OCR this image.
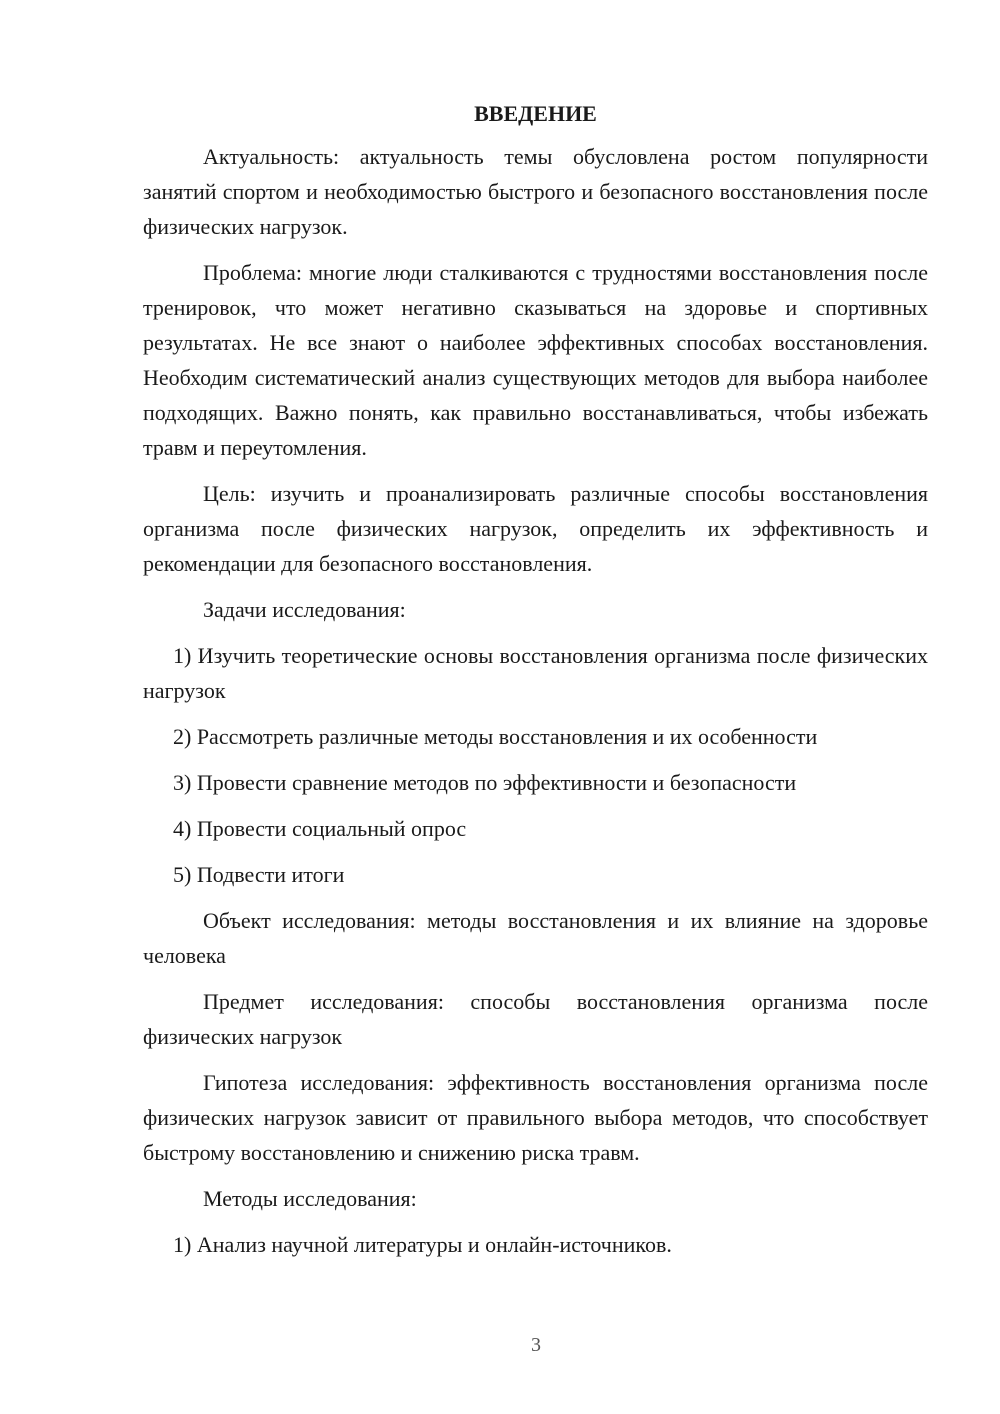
ВВЕДЕНИЕ

Актуальность: актуальность темы обусловлена ростом популярности занятий спортом и необходимостью быстрого и безопасного восстановления после физических нагрузок.

Проблема: многие люди сталкиваются с трудностями восстановления после тренировок, что может негативно сказываться на здоровье и спортивных результатах. Не все знают о наиболее эффективных способах восстановления. Необходим систематический анализ существующих методов для выбора наиболее подходящих. Важно понять, как правильно восстанавливаться, чтобы избежать травм и переутомления.

Цель: изучить и проанализировать различные способы восстановления организма после физических нагрузок, определить их эффективность и рекомендации для безопасного восстановления.

Задачи исследования:

1) Изучить теоретические основы восстановления организма после физических нагрузок

2) Рассмотреть различные методы восстановления и их особенности

3) Провести сравнение методов по эффективности и безопасности

4) Провести социальный опрос

5) Подвести итоги

Объект исследования: методы восстановления и их влияние на здоровье человека

Предмет исследования: способы восстановления организма после физических нагрузок

Гипотеза исследования: эффективность восстановления организма после физических нагрузок зависит от правильного выбора методов, что способствует быстрому восстановлению и снижению риска травм.

Методы исследования:

1) Анализ научной литературы и онлайн-источников.

3
